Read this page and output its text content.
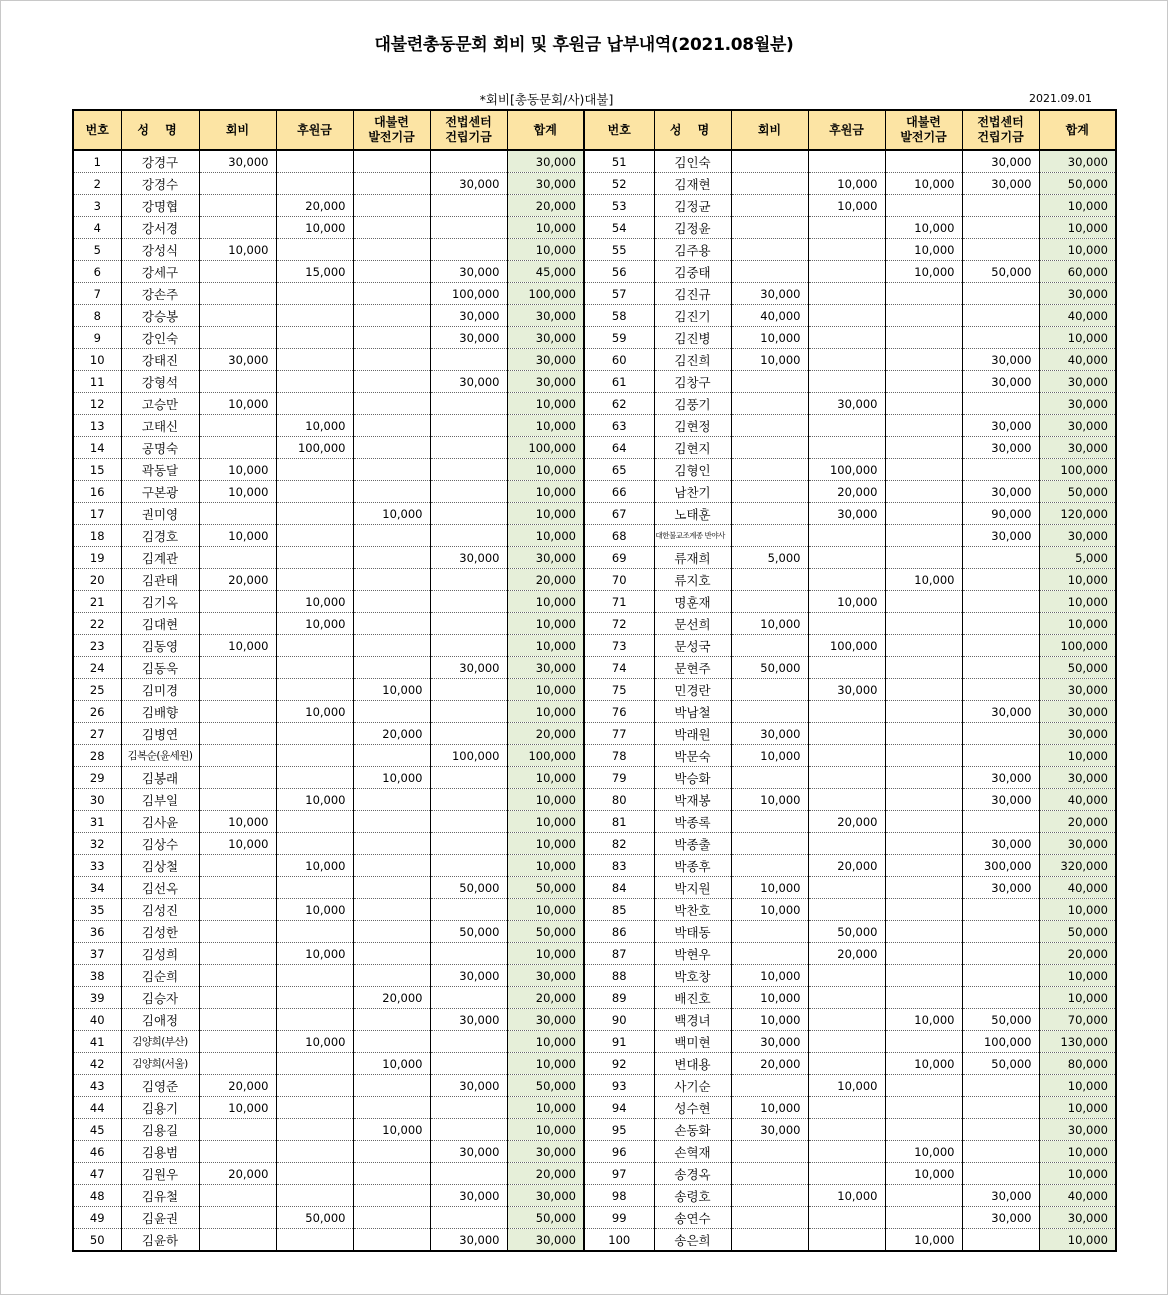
대불련총동문회 회비 및 후원금 납부내역(2021.08월분)
*회비[총동문회/사)대불]	2021.09.01
번호	성 명	회비	후원금	대불련
발전기금	전법센터
건립기금	합계	번호	성 명	회비	후원금	대불련
발전기금	전법센터
건립기금	합계
1	강경구	30,000				30,000	51	김인숙				30,000	30,000
2	강경수				30,000	30,000	52	김재현		10,000	10,000	30,000	50,000
3	강명협		20,000			20,000	53	김정균		10,000			10,000
4	강서경		10,000			10,000	54	김정윤			10,000		10,000
5	강성식	10,000				10,000	55	김주용			10,000		10,000
6	강세구		15,000		30,000	45,000	56	김중태			10,000	50,000	60,000
7	강손주				100,000	100,000	57	김진규	30,000				30,000
8	강승봉				30,000	30,000	58	김진기	40,000				40,000
9	강인숙				30,000	30,000	59	김진병	10,000				10,000
10	강태진	30,000				30,000	60	김진희	10,000			30,000	40,000
11	강형석				30,000	30,000	61	김창구				30,000	30,000
12	고승만	10,000				10,000	62	김풍기		30,000			30,000
13	고태신		10,000			10,000	63	김현정				30,000	30,000
14	공명숙		100,000			100,000	64	김현지				30,000	30,000
15	곽동달	10,000				10,000	65	김형인		100,000			100,000
16	구본광	10,000				10,000	66	남찬기		20,000		30,000	50,000
17	권미영			10,000		10,000	67	노태훈		30,000		90,000	120,000
18	김경호	10,000				10,000	68	대한불교조계종 반야사				30,000	30,000
19	김계관				30,000	30,000	69	류재희	5,000				5,000
20	김관태	20,000				20,000	70	류지호			10,000		10,000
21	김기옥		10,000			10,000	71	명훈재		10,000			10,000
22	김대현		10,000			10,000	72	문선희	10,000				10,000
23	김동영	10,000				10,000	73	문성국		100,000			100,000
24	김동욱				30,000	30,000	74	문현주	50,000				50,000
25	김미경			10,000		10,000	75	민경란		30,000			30,000
26	김배향		10,000			10,000	76	박남철				30,000	30,000
27	김병연			20,000		20,000	77	박래원	30,000				30,000
28	김복순(윤세원)				100,000	100,000	78	박문숙	10,000				10,000
29	김봉래			10,000		10,000	79	박승화				30,000	30,000
30	김부일		10,000			10,000	80	박재봉	10,000			30,000	40,000
31	김사윤	10,000				10,000	81	박종록		20,000			20,000
32	김상수	10,000				10,000	82	박종출				30,000	30,000
33	김상철		10,000			10,000	83	박종후		20,000		300,000	320,000
34	김선옥				50,000	50,000	84	박지원	10,000			30,000	40,000
35	김성진		10,000			10,000	85	박찬호	10,000				10,000
36	김성한				50,000	50,000	86	박태동		50,000			50,000
37	김성희		10,000			10,000	87	박현우		20,000			20,000
38	김순희				30,000	30,000	88	박호창	10,000				10,000
39	김승자			20,000		20,000	89	배진호	10,000				10,000
40	김애정				30,000	30,000	90	백경녀	10,000		10,000	50,000	70,000
41	김양희(부산)		10,000			10,000	91	백미현	30,000			100,000	130,000
42	김양희(서울)			10,000		10,000	92	변대용	20,000		10,000	50,000	80,000
43	김영준	20,000			30,000	50,000	93	사기순		10,000			10,000
44	김용기	10,000				10,000	94	성수현	10,000				10,000
45	김용길			10,000		10,000	95	손동화	30,000				30,000
46	김용범				30,000	30,000	96	손혁재			10,000		10,000
47	김원우	20,000				20,000	97	송경옥			10,000		10,000
48	김유철				30,000	30,000	98	송령호		10,000		30,000	40,000
49	김윤권		50,000			50,000	99	송연수				30,000	30,000
50	김윤하				30,000	30,000	100	송은희			10,000		10,000
